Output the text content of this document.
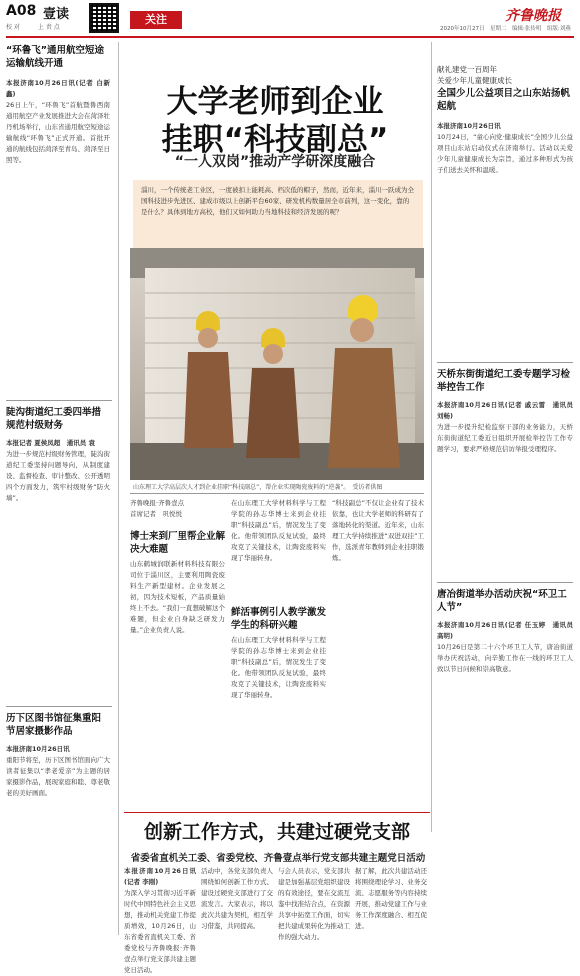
A08 壹读
校 对　　　上 责 点
关注	齐鲁晚报
2020年10月27日　星期二　编辑:张传明　组版:刘燕
“环鲁飞”通用航空短途运输航线开通
本报济南10月26日讯(记者 白新鑫)
26日上午，“环鲁飞”首航暨鲁西南通用航空产业发展推进大会在菏泽牡丹机场举行，山东省通用航空短途运输航线“环鲁飞”正式开通。首批开通的航线包括菏泽至青岛、菏泽至日照等。
陡沟街道纪工委四举措规范村级财务
本报记者 夏侯凤超　通讯员 袁
为进一步规范村级财务管理，陡沟街道纪工委坚持问题导向，从制度建设、监督检查、审计整改、公开透明四个方面发力，筑牢村级财务“防火墙”。
历下区图书馆征集重阳节居家摄影作品
本报济南10月26日讯
重阳节将至，历下区图书馆面向广大读者征集以“孝老爱亲”为主题的居家摄影作品，展现家庭和睦、尊老敬老的美好画面。
大学老师到企业
挂职“科技副总”
“一人双岗”推动产学研深度融合
淄川，一个传统老工业区，一度被扣上能耗高、档次低的帽子，然而，近年来，淄川一跃成为全国科技进步先进区、建成市级以上创新平台60家、研发机构数量居全市前列，这一变化，靠的是什么？具体到地方高校，他们又如何助力当地科技和经济发展的呢？
山东理工大学高层次人才到企业挂职“科技副总”，帮企业实现陶瓷废料的“逆袭”。　受访者供图
齐鲁晚报·齐鲁壹点
首席记者　巩悦悦
博士来到厂里帮企业解决大难题
山东鹤城润联新材料科技有限公司位于淄川区，主要利用陶瓷废料生产新型建材。企业发展之初，因为技术短板，产品质量始终上不去。“我们一直想破解这个难题，但企业自身缺乏研发力量。”企业负责人说。
在山东理工大学材料科学与工程学院的孙志华博士来到企业挂职“科技副总”后，情况发生了变化。他带领团队反复试验，最终攻克了关键技术，让陶瓷废料实现了华丽转身。
鲜活事例引人教学激发学生的科研兴趣
在山东理工大学材料科学与工程学院的孙志华博士来到企业挂职“科技副总”后，情况发生了变化。他带领团队反复试验，最终攻克了关键技术，让陶瓷废料实现了华丽转身。
“科技副总”不仅让企业有了技术依靠，也让大学老师的科研有了落地转化的渠道。近年来，山东理工大学持续推进“双进双挂”工作，选派青年教师到企业挂职锻炼。
献礼建党一百周年
关爱少年儿童健康成长
全国少儿公益项目之山东站扬帆起航
本报济南10月26日讯
10月24日，“童心向党·健康成长”全国少儿公益项目山东站启动仪式在济南举行。活动以关爱少年儿童健康成长为宗旨，通过多种形式为孩子们送去关怀和温暖。
天桥东街街道纪工委专题学习检举控告工作
本报济南10月26日讯(记者 戚云雷　通讯员 刘畅)
为进一步提升纪检监察干部的业务能力，天桥东街街道纪工委近日组织开展检举控告工作专题学习，要求严格规范信访举报受理程序。
唐冶街道举办活动庆祝“环卫工人节”
本报济南10月26日讯(记者 任玉婷　通讯员 高明)
10月26日是第二十六个环卫工人节，唐冶街道举办庆祝活动，向辛勤工作在一线的环卫工人致以节日问候和崇高敬意。
创新工作方式，共建过硬党支部
省委省直机关工委、省委党校、齐鲁壹点举行党支部共建主题党日活动
本报济南10月26日讯(记者 李刚)
为深入学习贯彻习近平新时代中国特色社会主义思想，推动机关党建工作提质增效，10月26日，山东省委省直机关工委、省委党校与齐鲁晚报·齐鲁壹点举行党支部共建主题党日活动。
活动中，各党支部负责人围绕如何创新工作方式、建设过硬党支部进行了交流发言。大家表示，将以此次共建为契机，相互学习借鉴，共同提高。
与会人员表示，党支部共建是加强基层党组织建设的有效途径，要在交流互鉴中找准结合点，在资源共享中拓宽工作面，切实把共建成果转化为推动工作的强大动力。
据了解，此次共建活动还将围绕理论学习、业务交流、志愿服务等内容持续开展，推动党建工作与业务工作深度融合、相互促进。
